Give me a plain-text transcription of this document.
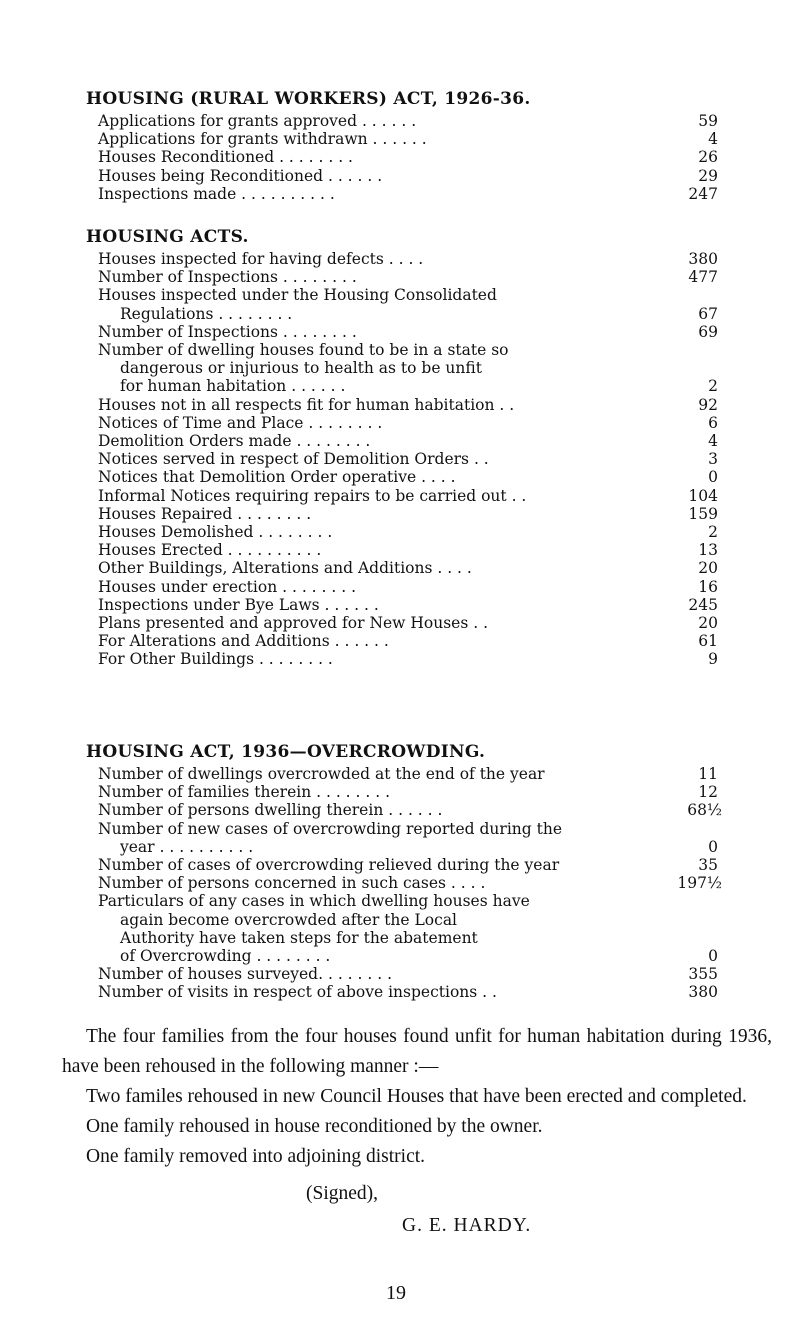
HOUSING (RURAL WORKERS) ACT, 1926-36.
Applications for grants approved . . . . . .	59
Applications for grants withdrawn . . . . . .	4
Houses Reconditioned . . . . . . . .	26
Houses being Reconditioned . . . . . .	29
Inspections made . . . . . . . . . .	247
HOUSING ACTS.
Houses inspected for having defects . . . .	380
Number of Inspections . . . . . . . .	477
Houses inspected under the Housing Consolidated
Regulations . . . . . . . .	67
Number of Inspections . . . . . . . .	69
Number of dwelling houses found to be in a state so
dangerous or injurious to health as to be unfit
for human habitation . . . . . .	2
Houses not in all respects fit for human habitation . .	92
Notices of Time and Place . . . . . . . .	6
Demolition Orders made . . . . . . . .	4
Notices served in respect of Demolition Orders . .	3
Notices that Demolition Order operative . . . .	0
Informal Notices requiring repairs to be carried out . .	104
Houses Repaired . . . . . . . .	159
Houses Demolished . . . . . . . .	2
Houses Erected . . . . . . . . . .	13
Other Buildings, Alterations and Additions . . . .	20
Houses under erection . . . . . . . .	16
Inspections under Bye Laws . . . . . .	245
Plans presented and approved for New Houses . .	20
For Alterations and Additions . . . . . .	61
For Other Buildings . . . . . . . .	9
HOUSING ACT, 1936—OVERCROWDING.
Number of dwellings overcrowded at the end of the year	11
Number of families therein . . . . . . . .	12
Number of persons dwelling therein . . . . . .	68½
Number of new cases of overcrowding reported during the
year . . . . . . . . . .	0
Number of cases of overcrowding relieved during the year	35
Number of persons concerned in such cases . . . .	197½
Particulars of any cases in which dwelling houses have
again become overcrowded after the Local
Authority have taken steps for the abatement
of Overcrowding . . . . . . . .	0
Number of houses surveyed. . . . . . . .	355
Number of visits in respect of above inspections . .	380

The four families from the four houses found unfit for human habitation during 1936, have been rehoused in the following manner :—

Two familes rehoused in new Council Houses that have been erected and completed.

One family rehoused in house reconditioned by the owner.

One family removed into adjoining district.

(Signed),
G. E. HARDY.
19
